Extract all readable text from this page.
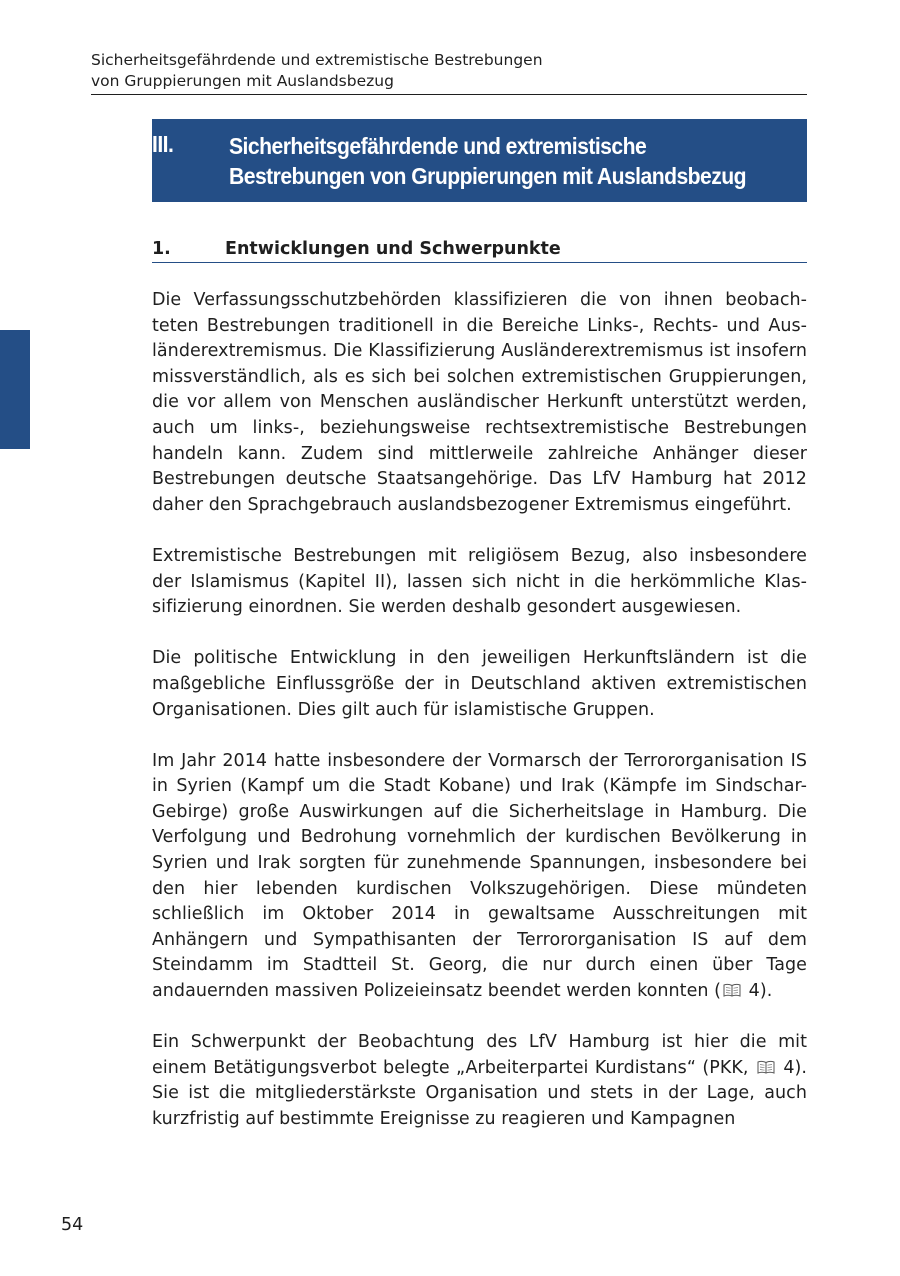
Sicherheitsgefährdende und extremistische Bestrebungen
von Gruppierungen mit Auslandsbezug
III. Sicherheitsgefährdende und extremistische
Bestrebungen von Gruppierungen mit Auslandsbezug
1.	Entwicklungen und Schwerpunkte

Die Verfassungsschutzbehörden klassifizieren die von ihnen beobachteten Bestrebungen traditionell in die Bereiche Links-, Rechts- und Ausländerextremismus. Die Klassifizierung Ausländerextremismus ist insofern missverständlich, als es sich bei solchen extremistischen Gruppierungen, die vor allem von Menschen ausländischer Herkunft unterstützt werden, auch um links-, beziehungsweise rechtsextremistische Bestrebungen handeln kann. Zudem sind mittlerweile zahlreiche Anhänger dieser Bestrebungen deutsche Staatsangehörige. Das LfV Hamburg hat 2012 daher den Sprachgebrauch auslandsbezogener Extremismus eingeführt.

Extremistische Bestrebungen mit religiösem Bezug, also insbesondere der Islamismus (Kapitel II), lassen sich nicht in die herkömmliche Klassifizierung einordnen. Sie werden deshalb gesondert ausgewiesen.

Die politische Entwicklung in den jeweiligen Herkunftsländern ist die maßgebliche Einflussgröße der in Deutschland aktiven extremistischen Organisationen. Dies gilt auch für islamistische Gruppen.

Im Jahr 2014 hatte insbesondere der Vormarsch der Terrororganisation IS in Syrien (Kampf um die Stadt Kobane) und Irak (Kämpfe im Sindschar-Gebirge) große Auswirkungen auf die Sicherheitslage in Hamburg. Die Verfolgung und Bedrohung vornehmlich der kurdischen Bevölkerung in Syrien und Irak sorgten für zunehmende Spannungen, insbesondere bei den hier lebenden kurdischen Volkszugehörigen. Diese mündeten schließlich im Oktober 2014 in gewaltsame Ausschreitungen mit Anhängern und Sympathisanten der Terrororganisation IS auf dem Steindamm im Stadtteil St. Georg, die nur durch einen über Tage andauernden massiven Polizeieinsatz beendet werden konnten ( 4).

Ein Schwerpunkt der Beobachtung des LfV Hamburg ist hier die mit einem Betätigungsverbot belegte „Arbeiterpartei Kurdistans“ (PKK,  4). Sie ist die mitgliederstärkste Organisation und stets in der Lage, auch kurzfristig auf bestimmte Ereignisse zu reagieren und Kampagnen

54
